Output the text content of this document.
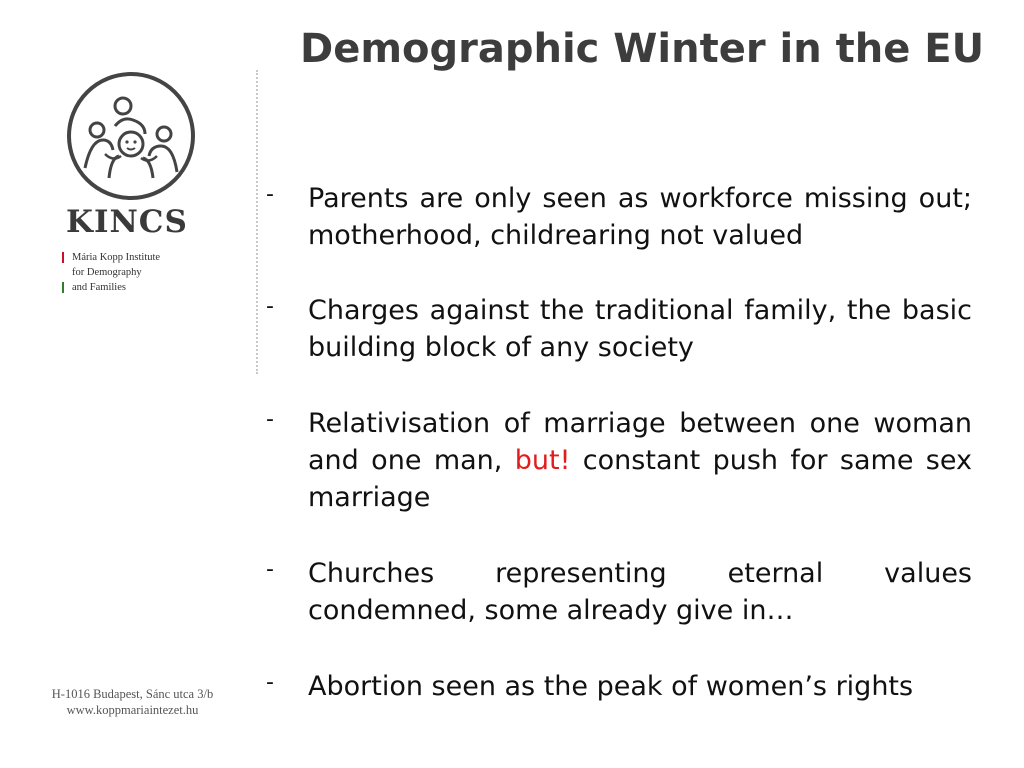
Demographic Winter in the EU
KINCS
Mária Kopp Institute
for Demography
and Families
- Parents are only seen as workforce missing out; motherhood, childrearing not valued
- Charges against the traditional family, the basic building block of any society
- Relativisation of marriage between one woman and one man, but! constant push for same sex marriage
- Churches representing eternal values condemned, some already give in…
- Abortion seen as the peak of women’s rights
H-1016 Budapest, Sánc utca 3/b
www.koppmariaintezet.hu
